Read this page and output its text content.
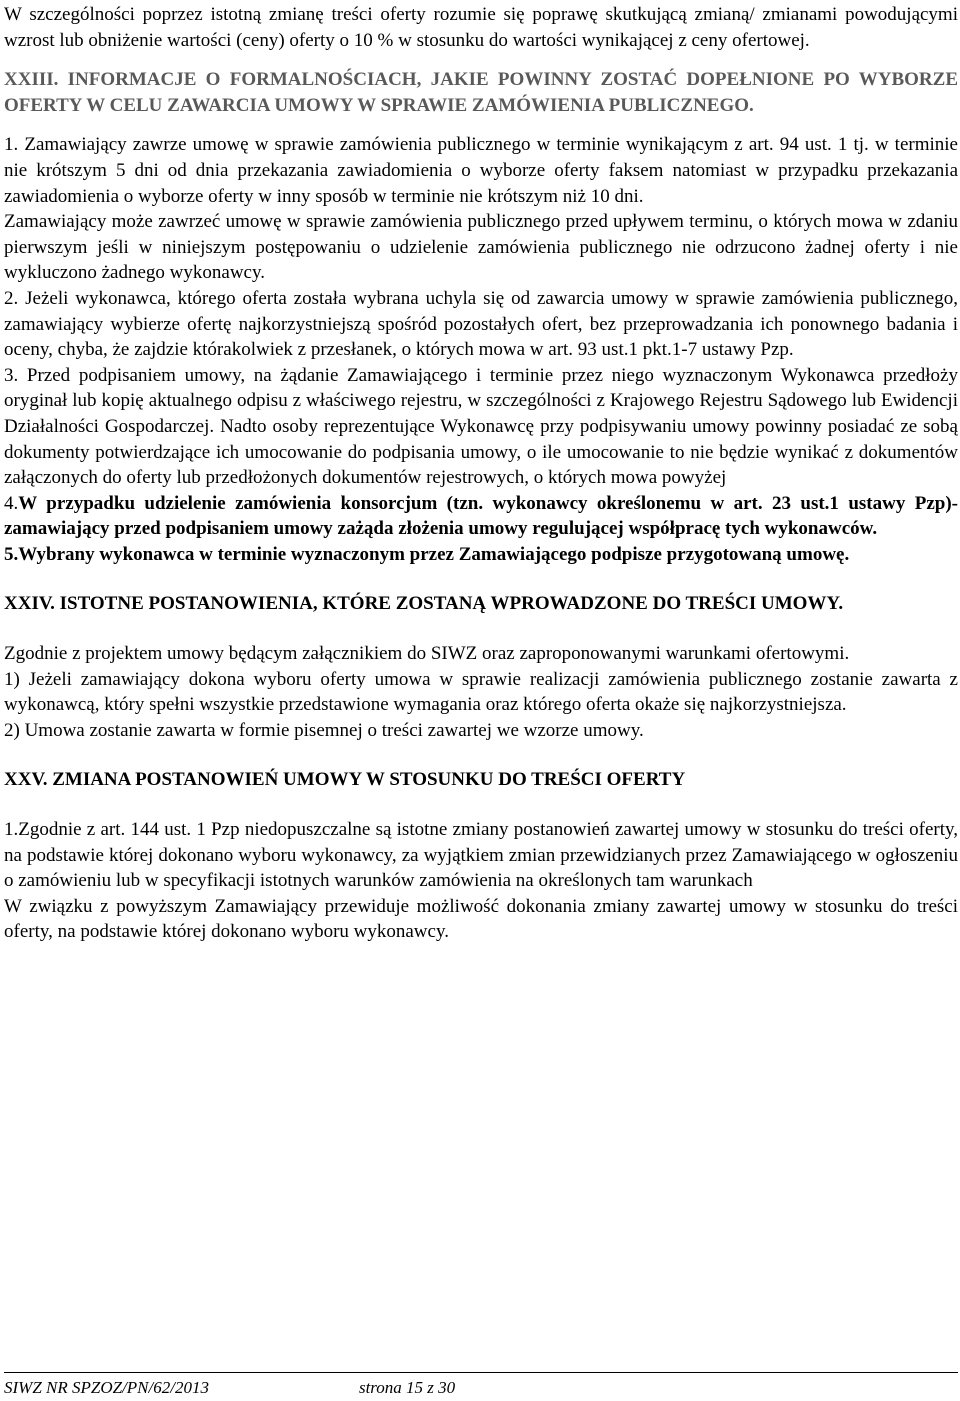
W szczególności poprzez istotną zmianę treści oferty rozumie się poprawę skutkującą zmianą/ zmianami powodującymi wzrost lub obniżenie wartości (ceny) oferty o 10 % w stosunku do wartości wynikającej z ceny ofertowej.

XXIII. INFORMACJE O FORMALNOŚCIACH, JAKIE POWINNY ZOSTAĆ DOPEŁNIONE PO WYBORZE OFERTY W CELU ZAWARCIA UMOWY W SPRAWIE ZAMÓWIENIA PUBLICZNEGO.

1. Zamawiający zawrze umowę w sprawie zamówienia publicznego w terminie wynikającym z art. 94 ust. 1 tj. w terminie nie krótszym 5 dni od dnia przekazania zawiadomienia o wyborze oferty faksem natomiast w przypadku przekazania zawiadomienia o wyborze oferty w inny sposób w terminie nie krótszym niż 10 dni.

Zamawiający może zawrzeć umowę w sprawie zamówienia publicznego przed upływem terminu, o których mowa w zdaniu pierwszym jeśli w niniejszym postępowaniu o udzielenie zamówienia publicznego nie odrzucono żadnej oferty i nie wykluczono żadnego wykonawcy.

2. Jeżeli wykonawca, którego oferta została wybrana uchyla się od zawarcia umowy w sprawie zamówienia publicznego, zamawiający wybierze ofertę najkorzystniejszą spośród pozostałych ofert, bez przeprowadzania ich ponownego badania i oceny, chyba, że zajdzie którakolwiek z przesłanek, o których mowa w art. 93 ust.1 pkt.1-7 ustawy Pzp.

3. Przed podpisaniem umowy, na żądanie Zamawiającego i terminie przez niego wyznaczonym Wykonawca przedłoży oryginał lub kopię aktualnego odpisu z właściwego rejestru, w szczególności z Krajowego Rejestru Sądowego lub Ewidencji Działalności Gospodarczej. Nadto osoby reprezentujące Wykonawcę przy podpisywaniu umowy powinny posiadać ze sobą dokumenty potwierdzające ich umocowanie do podpisania umowy, o ile umocowanie to nie będzie wynikać z dokumentów załączonych do oferty lub przedłożonych dokumentów rejestrowych, o których mowa powyżej

4.W przypadku udzielenie zamówienia konsorcjum (tzn. wykonawcy określonemu w art. 23 ust.1 ustawy Pzp)- zamawiający przed podpisaniem umowy zażąda złożenia umowy regulującej współpracę tych wykonawców.

5.Wybrany wykonawca w terminie wyznaczonym przez Zamawiającego podpisze przygotowaną umowę.

XXIV. ISTOTNE POSTANOWIENIA, KTÓRE ZOSTANĄ WPROWADZONE DO TREŚCI UMOWY.

Zgodnie z projektem umowy będącym załącznikiem do SIWZ oraz zaproponowanymi warunkami ofertowymi.

1) Jeżeli zamawiający dokona wyboru oferty umowa w sprawie realizacji zamówienia publicznego zostanie zawarta z wykonawcą, który spełni wszystkie przedstawione wymagania oraz którego oferta okaże się najkorzystniejsza.

2) Umowa zostanie zawarta w formie pisemnej o treści zawartej we wzorze umowy.

XXV. ZMIANA POSTANOWIEŃ UMOWY W STOSUNKU DO TREŚCI OFERTY

1.Zgodnie z art. 144 ust. 1 Pzp niedopuszczalne są istotne zmiany postanowień zawartej umowy w stosunku do treści oferty, na podstawie której dokonano wyboru wykonawcy, za wyjątkiem zmian przewidzianych przez Zamawiającego w ogłoszeniu o zamówieniu lub w specyfikacji istotnych warunków zamówienia na określonych tam warunkach

W związku z powyższym Zamawiający przewiduje możliwość dokonania zmiany zawartej umowy w stosunku do treści oferty, na podstawie której dokonano wyboru wykonawcy.

SIWZ NR SPZOZ/PN/62/2013	strona 15 z 30
